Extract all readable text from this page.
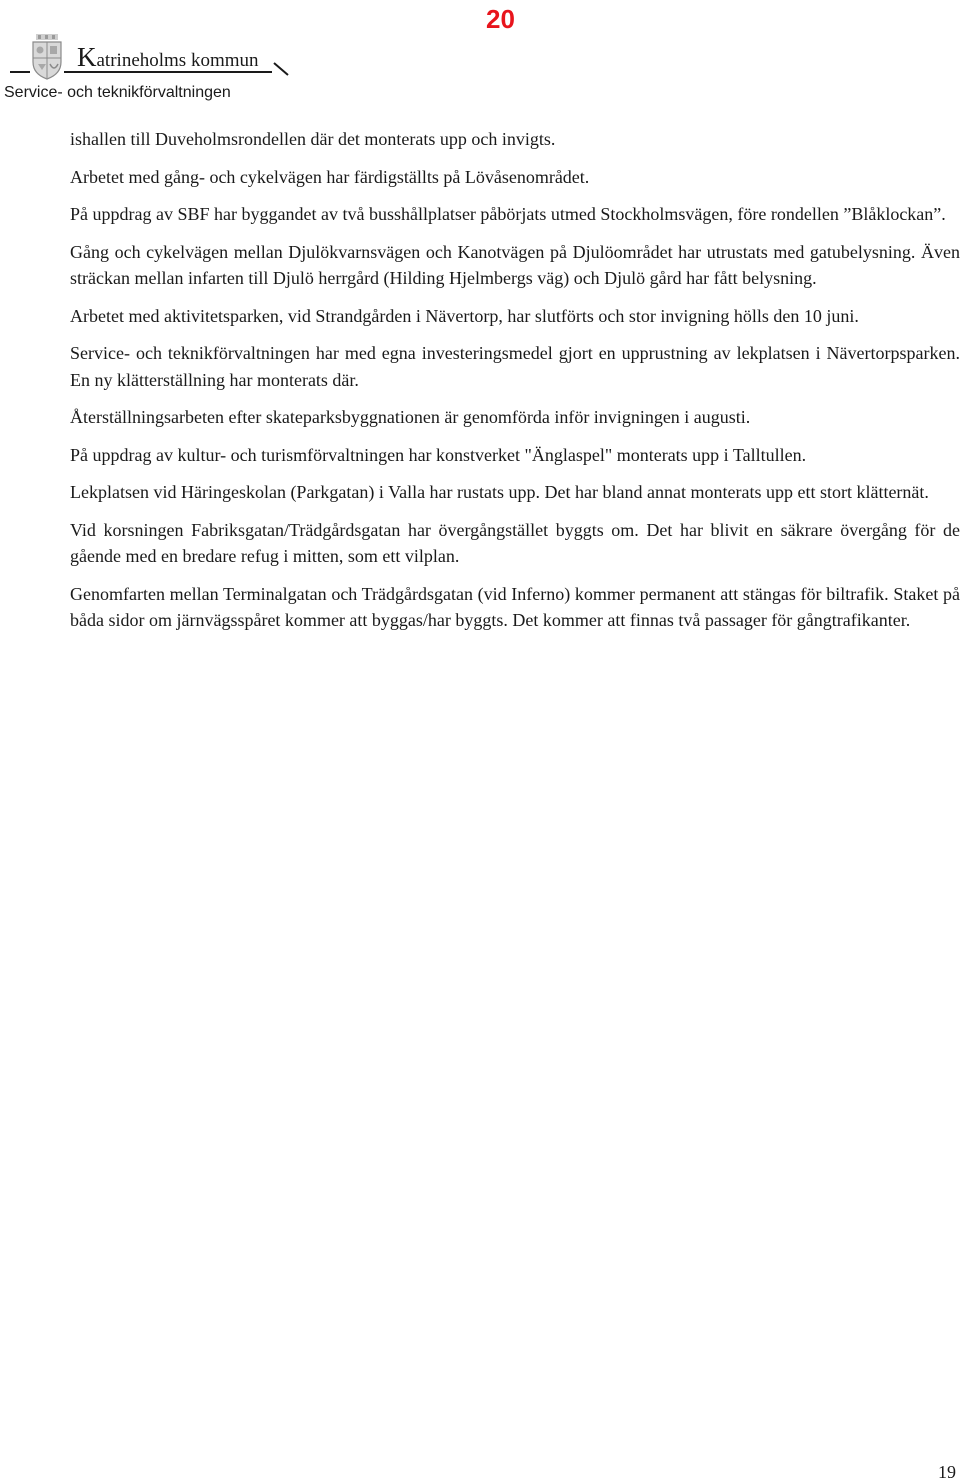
20
Katrineholms kommun
Service- och teknikförvaltningen

ishallen till Duveholmsrondellen där det monterats upp och invigts.

Arbetet med gång- och cykelvägen har färdigställts på Lövåsenområdet.

På uppdrag av SBF har byggandet av två busshållplatser påbörjats utmed Stockholmsvägen, före rondellen ”Blåklockan”.

Gång och cykelvägen mellan Djulökvarnsvägen och Kanotvägen på Djulöområdet har utrustats med gatubelysning. Även sträckan mellan infarten till Djulö herrgård (Hilding Hjelmbergs väg) och Djulö gård har fått belysning.

Arbetet med aktivitetsparken, vid Strandgården i Nävertorp, har slutförts och stor invigning hölls den 10 juni.

Service- och teknikförvaltningen har med egna investeringsmedel gjort en upprustning av lekplatsen i Nävertorpsparken. En ny klätterställning har monterats där.

Återställningsarbeten efter skateparksbyggnationen är genomförda inför invigningen i augusti.

På uppdrag av kultur- och turismförvaltningen har konstverket "Änglaspel" monterats upp i Talltullen.

Lekplatsen vid Häringeskolan (Parkgatan) i Valla har rustats upp. Det har bland annat monterats upp ett stort klätternät.

Vid korsningen Fabriksgatan/Trädgårdsgatan har övergångstället byggts om. Det har blivit en säkrare övergång för de gående med en bredare refug i mitten, som ett vilplan.

Genomfarten mellan Terminalgatan och Trädgårdsgatan (vid Inferno) kommer permanent att stängas för biltrafik. Staket på båda sidor om järnvägsspåret kommer att byggas/har byggts. Det kommer att finnas två passager för gångtrafikanter.

19
